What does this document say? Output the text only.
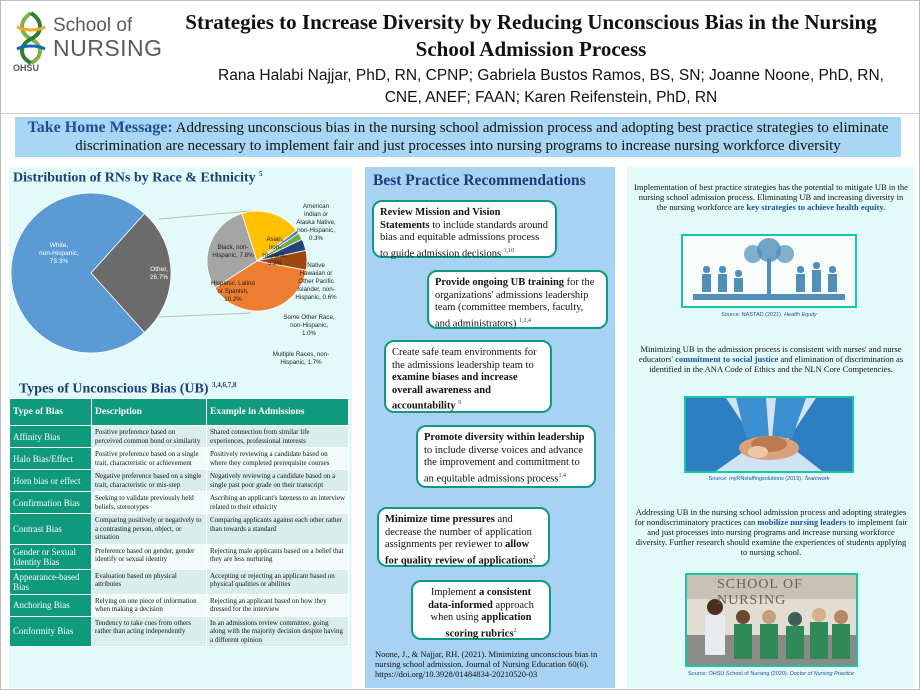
School of
NURSING
OHSU
Strategies to Increase Diversity by Reducing Unconscious Bias in the Nursing School Admission Process
Rana Halabi Najjar, PhD, RN, CPNP; Gabriela Bustos Ramos, BS, SN; Joanne Noone, PhD, RN, CNE, ANEF; FAAN; Karen Reifenstein, PhD, RN
Take Home Message: Addressing unconscious bias in the nursing school admission process and adopting best practice strategies to eliminate discrimination are necessary to implement fair and just processes into nursing programs to increase nursing workforce diversity
Distribution of RNs by Race & Ethnicity $^5$
White, non-Hispanic, 73.3%
Other, 26.7%
Black, non-Hispanic, 7.8%
Asian, non-Hispanic, 5.2%
Hispanic, Latino or Spanish, 10.2%
American Indian or Alaska Native, non-Hispanic, 0.3%
Native Hawaiian or Other Pacific Islander, non-Hispanic, 0.6%
Some Other Race, non-Hispanic, 1.0%
Multiple Races, non-Hispanic, 1.7%
Types of Unconscious Bias (UB) $^{3,4,6,7,8}$
Type of Bias	Description	Example in Admissions
Affinity Bias	Positive preference based on perceived common bond or similarity	Shared connection from similar life experiences, professional interests
Halo Bias/Effect	Positive preference based on a single trait, characteristic or achievement	Positively reviewing a candidate based on where they completed prerequisite courses
Horn bias or effect	Negative preference based on a single trait, characteristic or mis-step	Negatively reviewing a candidate based on a single past poor grade on their transcript
Confirmation Bias	Seeking to validate previously held beliefs, stereotypes	Ascribing an applicant's lateness to an interview related to their ethnicity
Contrast Bias	Comparing positively or negatively to a contrasting person, object, or situation	Comparing applicants against each other rather than towards a standard
Gender or Sexual Identity Bias	Preference based on gender, gender identify or sexual identity	Rejecting male applicants based on a belief that they are less nurturing
Appearance-based Bias	Evaluation based on physical attributes	Accepting or rejecting an applicant based on physical qualities or abilities
Anchoring Bias	Relying on one piece of information when making a decision	Rejecting an applicant based on how they dressed for the interview
Conformity Bias	Tendency to take cues from others rather than acting independently	In an admissions review committee, going along with the majority decision despite having a different opinion
Best Practice Recommendations
Review Mission and Vision Statements to include standards around bias and equitable admissions process to guide admission decisions $^{1,10}$
Provide ongoing UB training for the organizations' admissions leadership team (committee members, faculty, and administrators) $^{1,2,4}$
Create safe team environments for the admissions leadership team to examine biases and increase overall awareness and accountability $^9$
Promote diversity within leadership to include diverse voices and advance the improvement and commitment to an equitable admissions process$^{1,4}$
Minimize time pressures and decrease the number of application assignments per reviewer to allow for quality review of applications$^2$
Implement a consistent data-informed approach when using application scoring rubrics$^2$
Noone, J., & Najjar, RH. (2021). Minimizing unconscious bias in nursing school admission. Journal of Nursing Education 60(6). https://doi.org/10.3928/01484834-20210520-03
Implementation of best practice strategies has the potential to mitigate UB in the nursing school admission process. Eliminating UB and increasing diversity in the nursing workforce are key strategies to achieve health equity.
Source: NASTAD (2021). Health Equity
Minimizing UB in the admission process is consistent with nurses' and nurse educators' commitment to social justice and elimination of discrimination as identified in the ANA Code of Ethics and the NLN Core Competencies.
Source: myRNstaffingsolutions (2019). Teamwork
Addressing UB in the nursing school admission process and adopting strategies for nondiscriminatory practices can mobilize nursing leaders to implement fair and just processes into nursing programs and increase nursing workforce diversity. Further research should examine the experiences of students applying to nursing school.
SCHOOL OF NURSING
Source: OHSU School of Nursing (2020). Doctor of Nursing Practice
